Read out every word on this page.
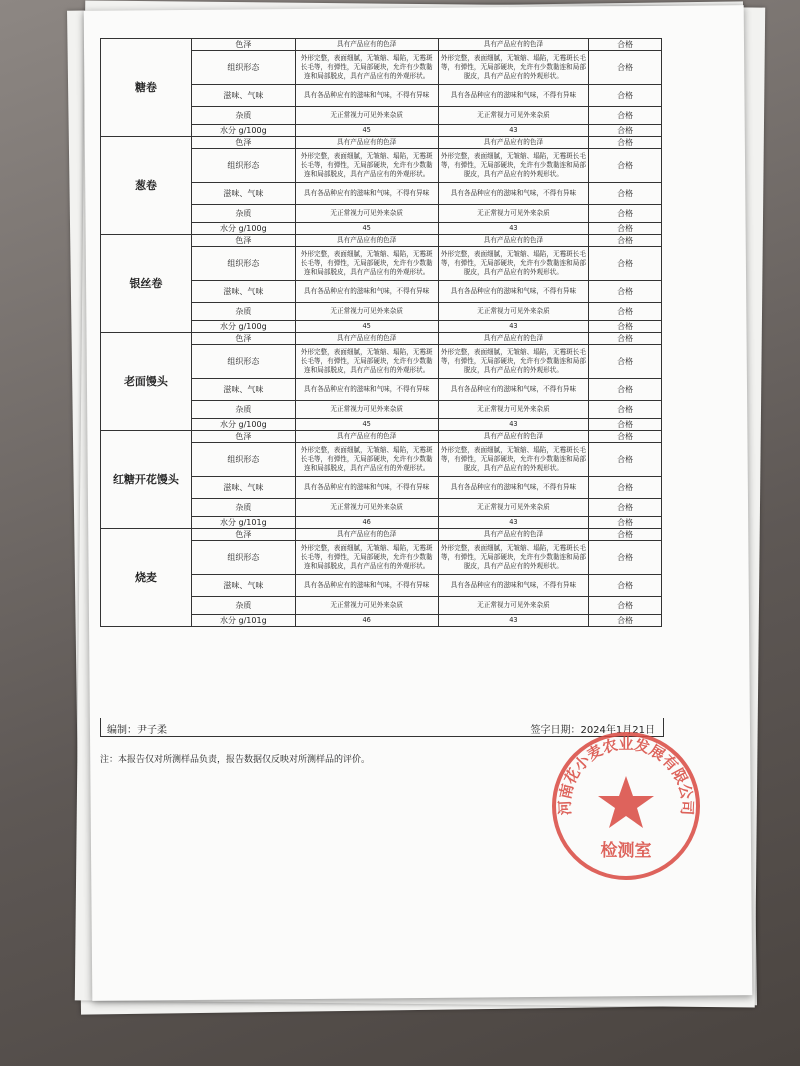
糖卷	色泽	具有产品应有的色泽	具有产品应有的色泽	合格
	组织形态	外形完整，表面细腻，无皱缩、塌陷，无霉斑长毛等，有弹性，无局部硬块，允许有少数黏连和局部脱皮，具有产品应有的外观形状。	外形完整，表面细腻，无皱缩、塌陷，无霉斑长毛等，有弹性，无局部硬块，允许有少数黏连和局部脱皮，具有产品应有的外观形状。	合格
	滋味、气味	具有各品种应有的滋味和气味，不得有异味	具有各品种应有的滋味和气味，不得有异味	合格
	杂质	无正常视力可见外来杂质	无正常视力可见外来杂质	合格
	水分 g/100g	45	43	合格
葱卷	色泽	具有产品应有的色泽	具有产品应有的色泽	合格
	组织形态	外形完整，表面细腻，无皱缩、塌陷，无霉斑长毛等，有弹性，无局部硬块，允许有少数黏连和局部脱皮，具有产品应有的外观形状。	外形完整，表面细腻，无皱缩、塌陷，无霉斑长毛等，有弹性，无局部硬块，允许有少数黏连和局部脱皮，具有产品应有的外观形状。	合格
	滋味、气味	具有各品种应有的滋味和气味，不得有异味	具有各品种应有的滋味和气味，不得有异味	合格
	杂质	无正常视力可见外来杂质	无正常视力可见外来杂质	合格
	水分 g/100g	45	43	合格
银丝卷	色泽	具有产品应有的色泽	具有产品应有的色泽	合格
	组织形态	外形完整，表面细腻，无皱缩、塌陷，无霉斑长毛等，有弹性，无局部硬块，允许有少数黏连和局部脱皮，具有产品应有的外观形状。	外形完整，表面细腻，无皱缩、塌陷，无霉斑长毛等，有弹性，无局部硬块，允许有少数黏连和局部脱皮，具有产品应有的外观形状。	合格
	滋味、气味	具有各品种应有的滋味和气味，不得有异味	具有各品种应有的滋味和气味，不得有异味	合格
	杂质	无正常视力可见外来杂质	无正常视力可见外来杂质	合格
	水分 g/100g	45	43	合格
老面馒头	色泽	具有产品应有的色泽	具有产品应有的色泽	合格
	组织形态	外形完整，表面细腻，无皱缩、塌陷，无霉斑长毛等，有弹性，无局部硬块，允许有少数黏连和局部脱皮，具有产品应有的外观形状。	外形完整，表面细腻，无皱缩、塌陷，无霉斑长毛等，有弹性，无局部硬块，允许有少数黏连和局部脱皮，具有产品应有的外观形状。	合格
	滋味、气味	具有各品种应有的滋味和气味，不得有异味	具有各品种应有的滋味和气味，不得有异味	合格
	杂质	无正常视力可见外来杂质	无正常视力可见外来杂质	合格
	水分 g/100g	45	43	合格
红糖开花馒头	色泽	具有产品应有的色泽	具有产品应有的色泽	合格
	组织形态	外形完整，表面细腻，无皱缩、塌陷，无霉斑长毛等，有弹性，无局部硬块，允许有少数黏连和局部脱皮，具有产品应有的外观形状。	外形完整，表面细腻，无皱缩、塌陷，无霉斑长毛等，有弹性，无局部硬块，允许有少数黏连和局部脱皮，具有产品应有的外观形状。	合格
	滋味、气味	具有各品种应有的滋味和气味，不得有异味	具有各品种应有的滋味和气味，不得有异味	合格
	杂质	无正常视力可见外来杂质	无正常视力可见外来杂质	合格
	水分 g/101g	46	43	合格
烧麦	色泽	具有产品应有的色泽	具有产品应有的色泽	合格
	组织形态	外形完整，表面细腻，无皱缩、塌陷，无霉斑长毛等，有弹性，无局部硬块，允许有少数黏连和局部脱皮，具有产品应有的外观形状。	外形完整，表面细腻，无皱缩、塌陷，无霉斑长毛等，有弹性，无局部硬块，允许有少数黏连和局部脱皮，具有产品应有的外观形状。	合格
	滋味、气味	具有各品种应有的滋味和气味，不得有异味	具有各品种应有的滋味和气味，不得有异味	合格
	杂质	无正常视力可见外来杂质	无正常视力可见外来杂质	合格
	水分 g/101g	46	43	合格
编制：尹子柔	签字日期：2024年1月21日
注：本报告仅对所测样品负责，报告数据仅反映对所测样品的评价。
河南花小麦农业发展有限公司
检测室
